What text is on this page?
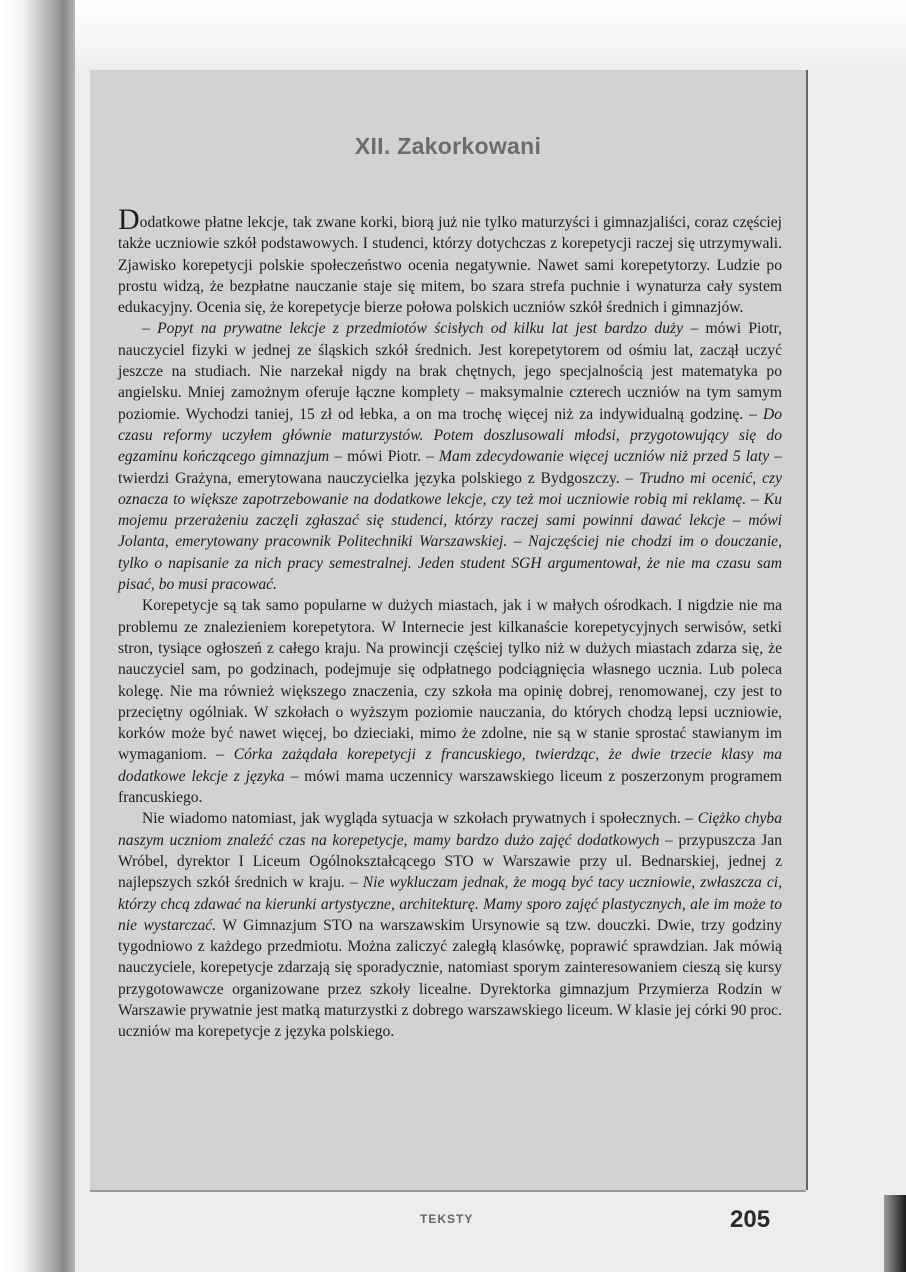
XII. Zakorkowani

Dodatkowe płatne lekcje, tak zwane korki, biorą już nie tylko maturzyści i gimnazjaliści, coraz częściej także uczniowie szkół podstawowych. I studenci, którzy dotychczas z korepetycji raczej się utrzymywali. Zjawisko korepetycji polskie społeczeństwo ocenia negatywnie. Nawet sami korepetytorzy. Ludzie po prostu widzą, że bezpłatne nauczanie staje się mitem, bo szara strefa puchnie i wynaturza cały system edukacyjny. Ocenia się, że korepetycje bierze połowa polskich uczniów szkół średnich i gimnazjów.

– Popyt na prywatne lekcje z przedmiotów ścisłych od kilku lat jest bardzo duży – mówi Piotr, nauczyciel fizyki w jednej ze śląskich szkół średnich. Jest korepetytorem od ośmiu lat, zaczął uczyć jeszcze na studiach. Nie narzekał nigdy na brak chętnych, jego specjalnością jest matematyka po angielsku. Mniej zamożnym oferuje łączne komplety – maksymalnie czterech uczniów na tym samym poziomie. Wychodzi taniej, 15 zł od łebka, a on ma trochę więcej niż za indywidualną godzinę. – Do czasu reformy uczyłem głównie maturzystów. Potem doszlusowali młodsi, przygotowujący się do egzaminu kończącego gimnazjum – mówi Piotr. – Mam zdecydowanie więcej uczniów niż przed 5 laty – twierdzi Grażyna, emerytowana nauczycielka języka polskiego z Bydgoszczy. – Trudno mi ocenić, czy oznacza to większe zapotrzebowanie na dodatkowe lekcje, czy też moi uczniowie robią mi reklamę. – Ku mojemu przerażeniu zaczęli zgłaszać się studenci, którzy raczej sami powinni dawać lekcje – mówi Jolanta, emerytowany pracownik Politechniki Warszawskiej. – Najczęściej nie chodzi im o douczanie, tylko o napisanie za nich pracy semestralnej. Jeden student SGH argumentował, że nie ma czasu sam pisać, bo musi pracować.

Korepetycje są tak samo popularne w dużych miastach, jak i w małych ośrodkach. I nigdzie nie ma problemu ze znalezieniem korepetytora. W Internecie jest kilkanaście korepetycyjnych serwisów, setki stron, tysiące ogłoszeń z całego kraju. Na prowincji częściej tylko niż w dużych miastach zdarza się, że nauczyciel sam, po godzinach, podejmuje się odpłatnego podciągnięcia własnego ucznia. Lub poleca kolegę. Nie ma również większego znaczenia, czy szkoła ma opinię dobrej, renomowanej, czy jest to przeciętny ogólniak. W szkołach o wyższym poziomie nauczania, do których chodzą lepsi uczniowie, korków może być nawet więcej, bo dzieciaki, mimo że zdolne, nie są w stanie sprostać stawianym im wymaganiom. – Córka zażądała korepetycji z francuskiego, twierdząc, że dwie trzecie klasy ma dodatkowe lekcje z języka – mówi mama uczennicy warszawskiego liceum z poszerzonym programem francuskiego.

Nie wiadomo natomiast, jak wygląda sytuacja w szkołach prywatnych i społecznych. – Ciężko chyba naszym uczniom znaleźć czas na korepetycje, mamy bardzo dużo zajęć dodatkowych – przypuszcza Jan Wróbel, dyrektor I Liceum Ogólnokształcącego STO w Warszawie przy ul. Bednarskiej, jednej z najlepszych szkół średnich w kraju. – Nie wykluczam jednak, że mogą być tacy uczniowie, zwłaszcza ci, którzy chcą zdawać na kierunki artystyczne, architekturę. Mamy sporo zajęć plastycznych, ale im może to nie wystarczać. W Gimnazjum STO na warszawskim Ursynowie są tzw. douczki. Dwie, trzy godziny tygodniowo z każdego przedmiotu. Można zaliczyć zaległą klasówkę, poprawić sprawdzian. Jak mówią nauczyciele, korepetycje zdarzają się sporadycznie, natomiast sporym zainteresowaniem cieszą się kursy przygotowawcze organizowane przez szkoły licealne. Dyrektorka gimnazjum Przymierza Rodzin w Warszawie prywatnie jest matką maturzystki z dobrego warszawskiego liceum. W klasie jej córki 90 proc. uczniów ma korepetycje z języka polskiego.

TEKSTY	205
